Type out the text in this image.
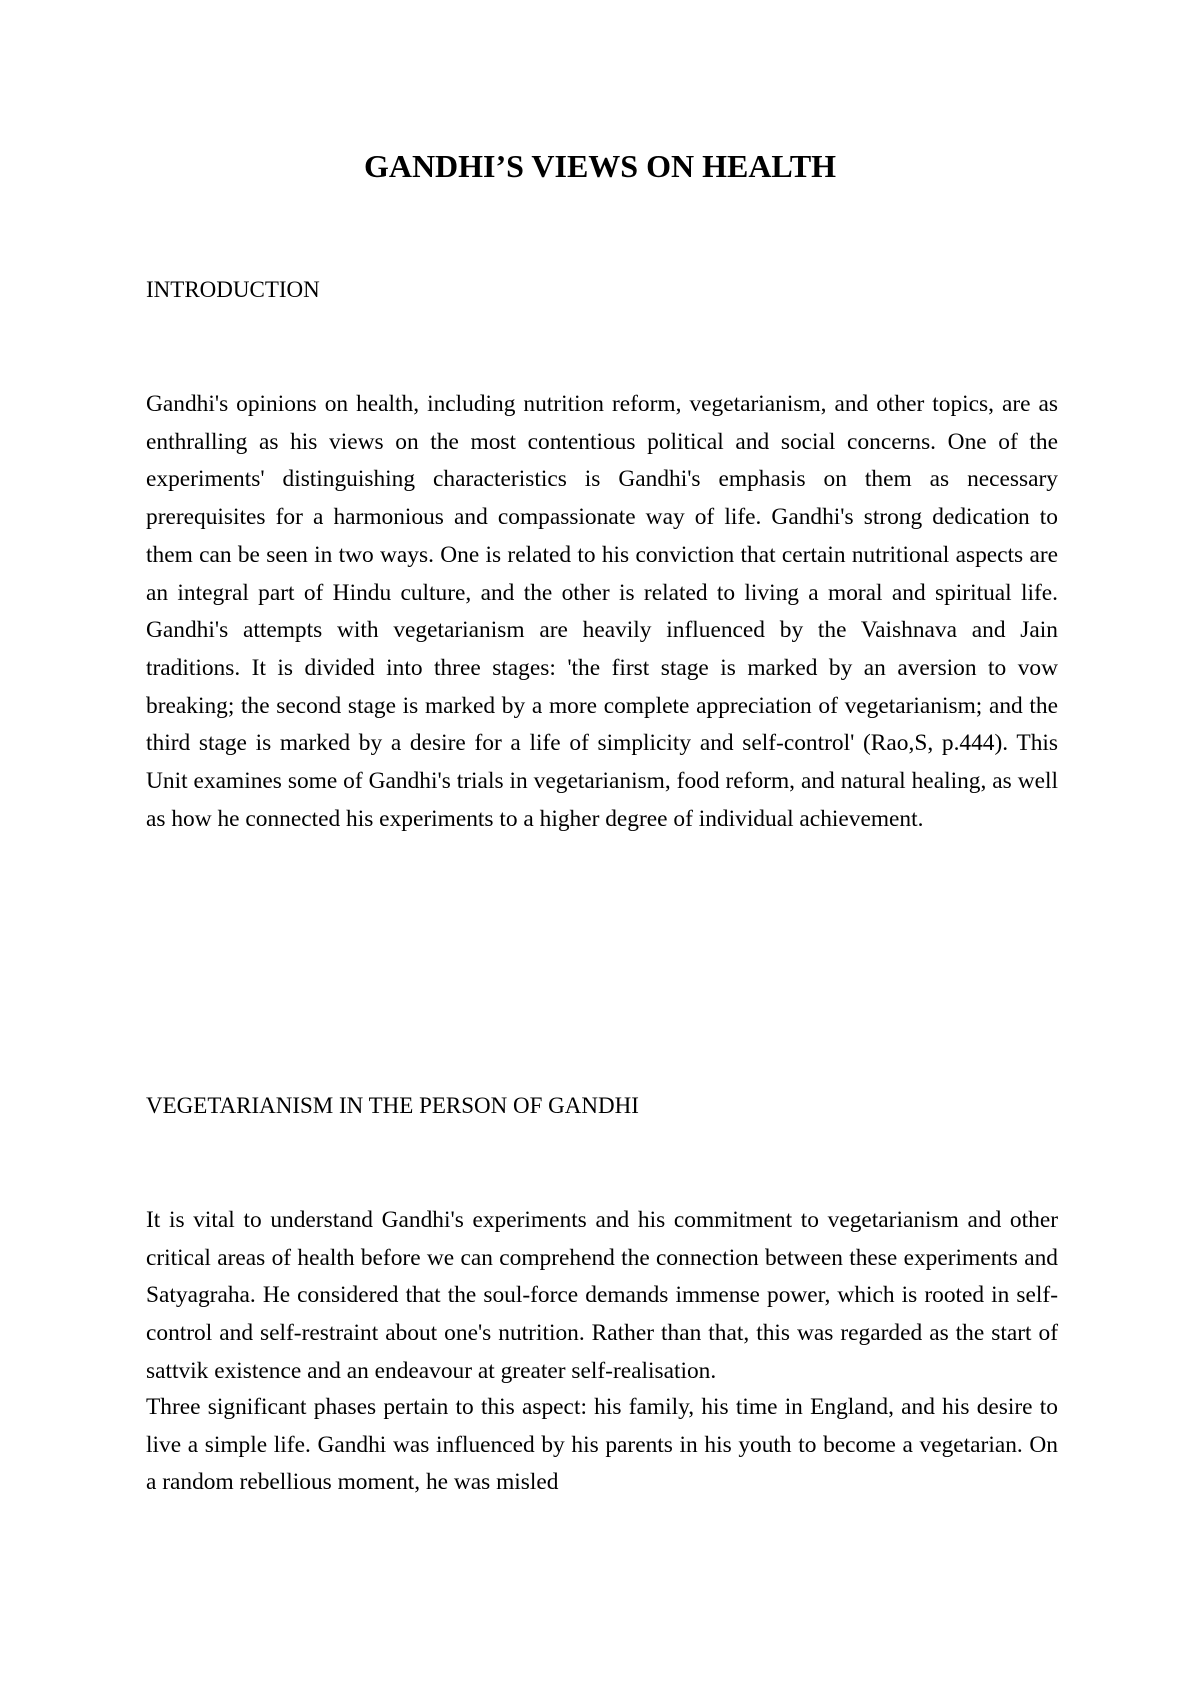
GANDHI’S VIEWS ON HEALTH
INTRODUCTION

Gandhi's opinions on health, including nutrition reform, vegetarianism, and other topics, are as enthralling as his views on the most contentious political and social concerns. One of the experiments' distinguishing characteristics is Gandhi's emphasis on them as necessary prerequisites for a harmonious and compassionate way of life. Gandhi's strong dedication to them can be seen in two ways. One is related to his conviction that certain nutritional aspects are an integral part of Hindu culture, and the other is related to living a moral and spiritual life. Gandhi's attempts with vegetarianism are heavily influenced by the Vaishnava and Jain traditions. It is divided into three stages: 'the first stage is marked by an aversion to vow breaking; the second stage is marked by a more complete appreciation of vegetarianism; and the third stage is marked by a desire for a life of simplicity and self-control' (Rao,S, p.444). This Unit examines some of Gandhi's trials in vegetarianism, food reform, and natural healing, as well as how he connected his experiments to a higher degree of individual achievement.

VEGETARIANISM IN THE PERSON OF GANDHI

It is vital to understand Gandhi's experiments and his commitment to vegetarianism and other critical areas of health before we can comprehend the connection between these experiments and Satyagraha. He considered that the soul-force demands immense power, which is rooted in self-control and self-restraint about one's nutrition. Rather than that, this was regarded as the start of sattvik existence and an endeavour at greater self-realisation.

Three significant phases pertain to this aspect: his family, his time in England, and his desire to live a simple life. Gandhi was influenced by his parents in his youth to become a vegetarian. On a random rebellious moment, he was misled
